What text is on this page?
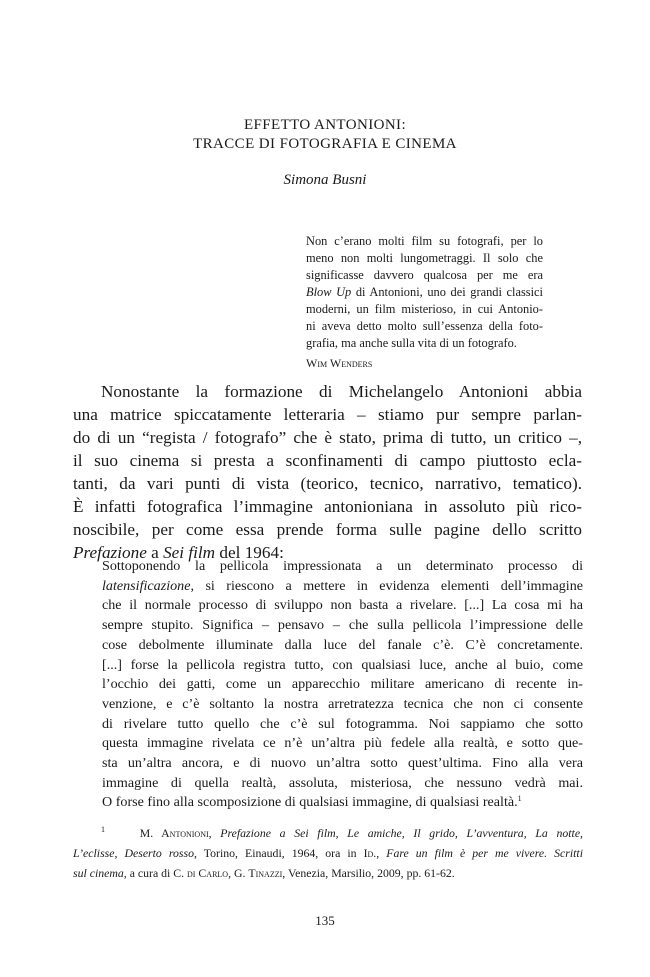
EFFETTO ANTONIONI:
TRACCE DI FOTOGRAFIA E CINEMA
Simona Busni
Non c’erano molti film su fotografi, per lo
meno non molti lungometraggi. Il solo che
significasse davvero qualcosa per me era
Blow Up di Antonioni, uno dei grandi classici
moderni, un film misterioso, in cui Antonio-
ni aveva detto molto sull’essenza della foto-
grafia, ma anche sulla vita di un fotografo.
Wim Wenders
Nonostante la formazione di Michelangelo Antonioni abbia
una matrice spiccatamente letteraria – stiamo pur sempre parlan-
do di un “regista / fotografo” che è stato, prima di tutto, un critico –,
il suo cinema si presta a sconfinamenti di campo piuttosto ecla-
tanti, da vari punti di vista (teorico, tecnico, narrativo, tematico).
È infatti fotografica l’immagine antonioniana in assoluto più rico-
noscibile, per come essa prende forma sulle pagine dello scritto
Prefazione a Sei film del 1964:
Sottoponendo la pellicola impressionata a un determinato processo di
latensificazione, si riescono a mettere in evidenza elementi dell’immagine
che il normale processo di sviluppo non basta a rivelare. [...] La cosa mi ha
sempre stupito. Significa – pensavo – che sulla pellicola l’impressione delle
cose debolmente illuminate dalla luce del fanale c’è. C’è concretamente.
[...] forse la pellicola registra tutto, con qualsiasi luce, anche al buio, come
l’occhio dei gatti, come un apparecchio militare americano di recente in-
venzione, e c’è soltanto la nostra arretratezza tecnica che non ci consente
di rivelare tutto quello che c’è sul fotogramma. Noi sappiamo che sotto
questa immagine rivelata ce n’è un’altra più fedele alla realtà, e sotto que-
sta un’altra ancora, e di nuovo un’altra sotto quest’ultima. Fino alla vera
immagine di quella realtà, assoluta, misteriosa, che nessuno vedrà mai.
O forse fino alla scomposizione di qualsiasi immagine, di qualsiasi realtà.$^1$
$^1$	M. Antonioni, Prefazione a Sei film, Le amiche, Il grido, L’avventura, La notte,
L’eclisse, Deserto rosso, Torino, Einaudi, 1964, ora in Id., Fare un film è per me vivere. Scritti
sul cinema, a cura di C. di Carlo, G. Tinazzi, Venezia, Marsilio, 2009, pp. 61-62.
135
